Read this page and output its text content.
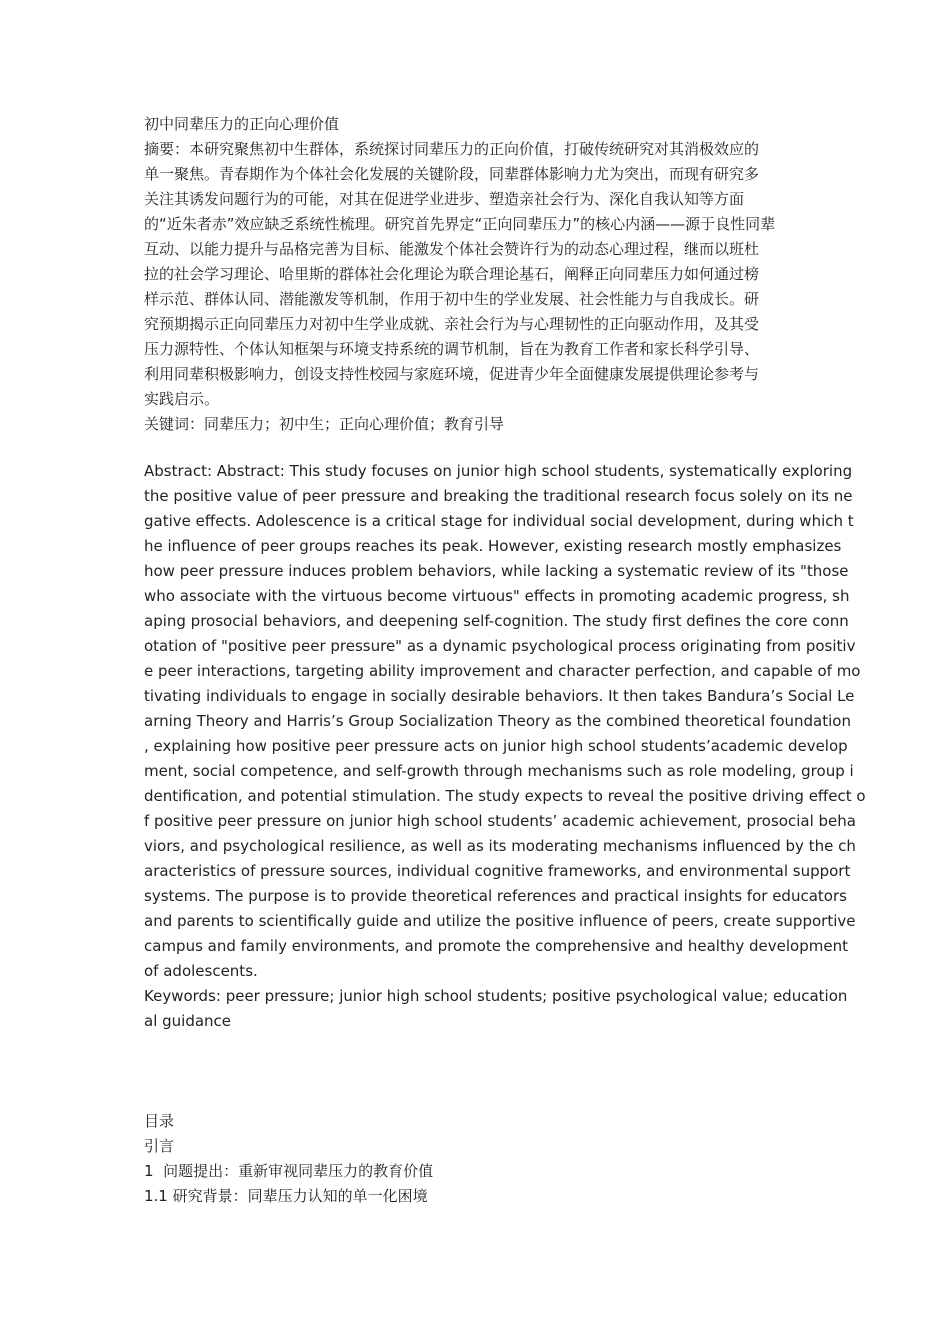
初中同辈压力的正向心理价值
摘要：本研究聚焦初中生群体，系统探讨同辈压力的正向价值，打破传统研究对其消极效应的
单一聚焦。青春期作为个体社会化发展的关键阶段，同辈群体影响力尤为突出，而现有研究多
关注其诱发问题行为的可能，对其在促进学业进步、塑造亲社会行为、深化自我认知等方面
的“近朱者赤”效应缺乏系统性梳理。研究首先界定“正向同辈压力”的核心内涵——源于良性同辈
互动、以能力提升与品格完善为目标、能激发个体社会赞许行为的动态心理过程，继而以班杜
拉的社会学习理论、哈里斯的群体社会化理论为联合理论基石，阐释正向同辈压力如何通过榜
样示范、群体认同、潜能激发等机制，作用于初中生的学业发展、社会性能力与自我成长。研
究预期揭示正向同辈压力对初中生学业成就、亲社会行为与心理韧性的正向驱动作用，及其受
压力源特性、个体认知框架与环境支持系统的调节机制，旨在为教育工作者和家长科学引导、
利用同辈积极影响力，创设支持性校园与家庭环境，促进青少年全面健康发展提供理论参考与
实践启示。
关键词：同辈压力；初中生；正向心理价值；教育引导
Abstract: Abstract: This study focuses on junior high school students, systematically exploring
the positive value of peer pressure and breaking the traditional research focus solely on its ne
gative effects. Adolescence is a critical stage for individual social development, during which t
he influence of peer groups reaches its peak. However, existing research mostly emphasizes
how peer pressure induces problem behaviors, while lacking a systematic review of its "those
who associate with the virtuous become virtuous" effects in promoting academic progress, sh
aping prosocial behaviors, and deepening self-cognition. The study first defines the core conn
otation of "positive peer pressure" as a dynamic psychological process originating from positiv
e peer interactions, targeting ability improvement and character perfection, and capable of mo
tivating individuals to engage in socially desirable behaviors. It then takes Bandura’s Social Le
arning Theory and Harris’s Group Socialization Theory as the combined theoretical foundation
, explaining how positive peer pressure acts on junior high school students’academic develop
ment, social competence, and self-growth through mechanisms such as role modeling, group i
dentification, and potential stimulation. The study expects to reveal the positive driving effect o
f positive peer pressure on junior high school students’ academic achievement, prosocial beha
viors, and psychological resilience, as well as its moderating mechanisms influenced by the ch
aracteristics of pressure sources, individual cognitive frameworks, and environmental support
systems. The purpose is to provide theoretical references and practical insights for educators
and parents to scientifically guide and utilize the positive influence of peers, create supportive
campus and family environments, and promote the comprehensive and healthy development
of adolescents.
Keywords: peer pressure; junior high school students; positive psychological value; education
al guidance
目录
引言
1  问题提出：重新审视同辈压力的教育价值
1.1 研究背景：同辈压力认知的单一化困境
